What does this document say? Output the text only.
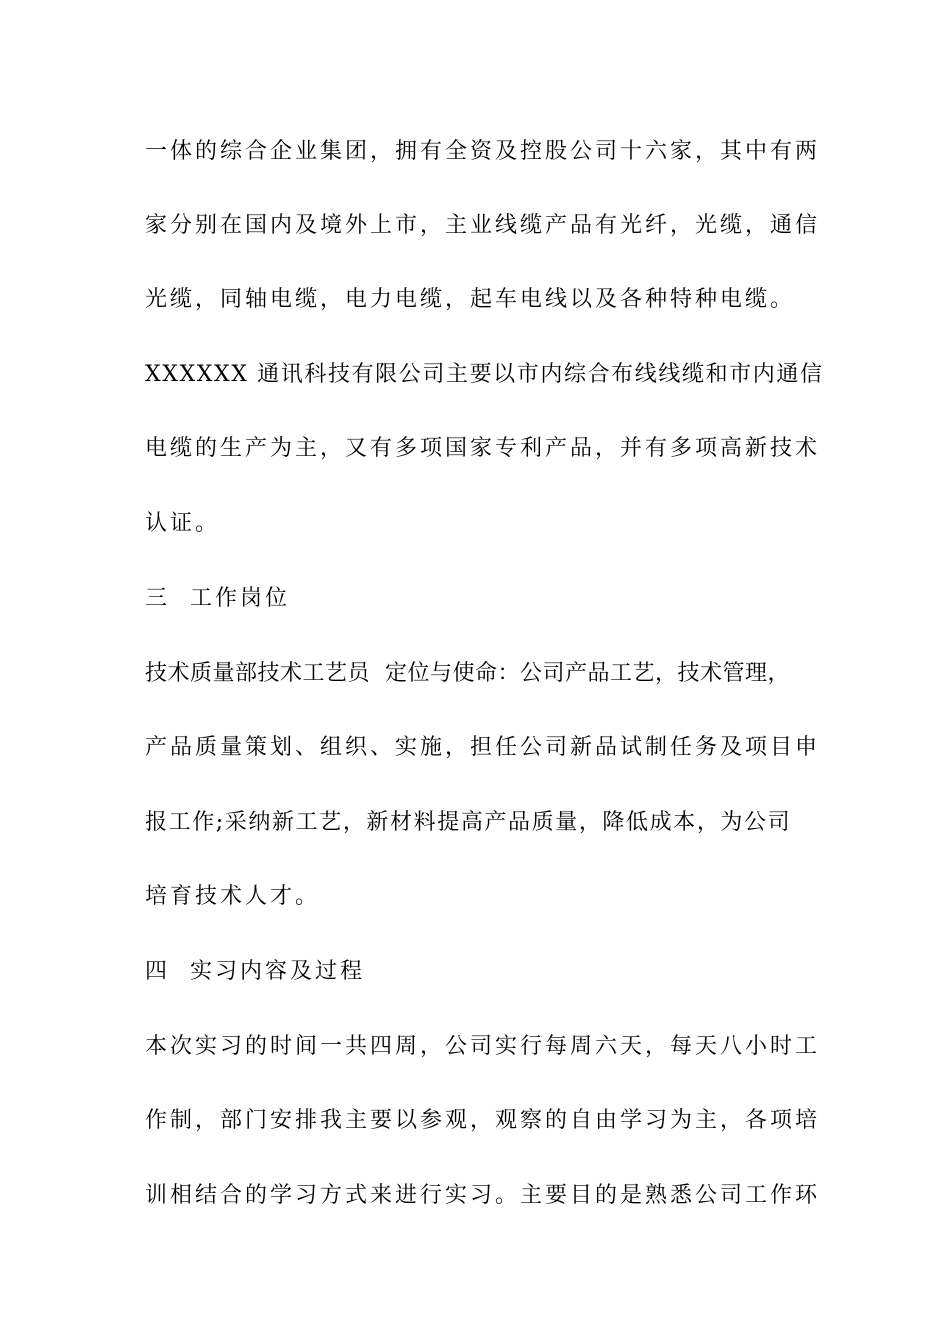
一体的综合企业集团，拥有全资及控股公司十六家，其中有两
家分别在国内及境外上市，主业线缆产品有光纤，光缆，通信
光缆，同轴电缆，电力电缆，起车电线以及各种特种电缆。
XXXXXX 通讯科技有限公司主要以市内综合布线线缆和市内通信
电缆的生产为主，又有多项国家专利产品，并有多项高新技术
认证。
三  工作岗位
技术质量部技术工艺员  定位与使命：公司产品工艺，技术管理，
产品质量策划、组织、实施，担任公司新品试制任务及项目申
报工作;采纳新工艺，新材料提高产品质量，降低成本，为公司
培育技术人才。
四  实习内容及过程
本次实习的时间一共四周，公司实行每周六天，每天八小时工
作制，部门安排我主要以参观，观察的自由学习为主，各项培
训相结合的学习方式来进行实习。主要目的是熟悉公司工作环
